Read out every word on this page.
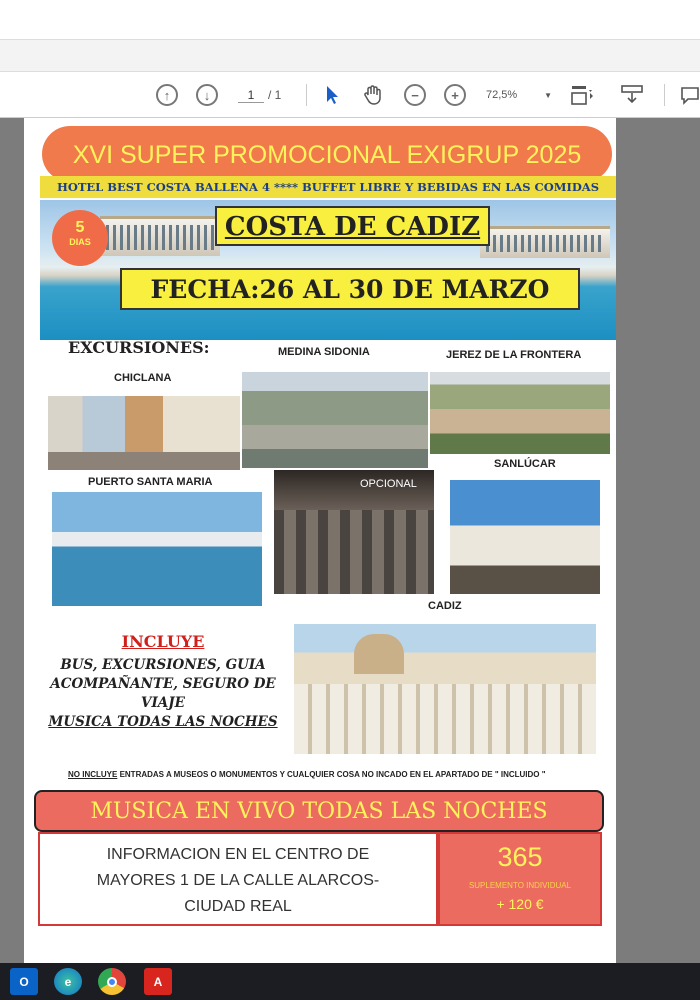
↑	↓	1	/ 1	−	+	72,5%	▼
XVI SUPER PROMOCIONAL EXIGRUP 2025
HOTEL BEST COSTA BALLENA 4 **** BUFFET LIBRE Y BEBIDAS EN LAS COMIDAS
5
DIAS	COSTA DE CADIZ
FECHA:26 AL 30 DE MARZO
EXCURSIONES:	MEDINA SIDONIA	JEREZ DE LA FRONTERA
CHICLANA
SANLÚCAR
PUERTO SANTA MARIA	OPCIONAL
CADIZ
INCLUYE
BUS, EXCURSIONES, GUIA
ACOMPAÑANTE, SEGURO DE
VIAJE
MUSICA TODAS LAS NOCHES
NO INCLUYE ENTRADAS A MUSEOS O MONUMENTOS Y CUALQUIER COSA NO INCADO EN EL APARTADO DE " INCLUIDO "
MUSICA EN VIVO TODAS LAS NOCHES
INFORMACION EN EL CENTRO DE
MAYORES 1 DE LA CALLE ALARCOS-
CIUDAD REAL
365
SUPLEMENTO INDIVIDUAL
+ 120 €
O	e	A
